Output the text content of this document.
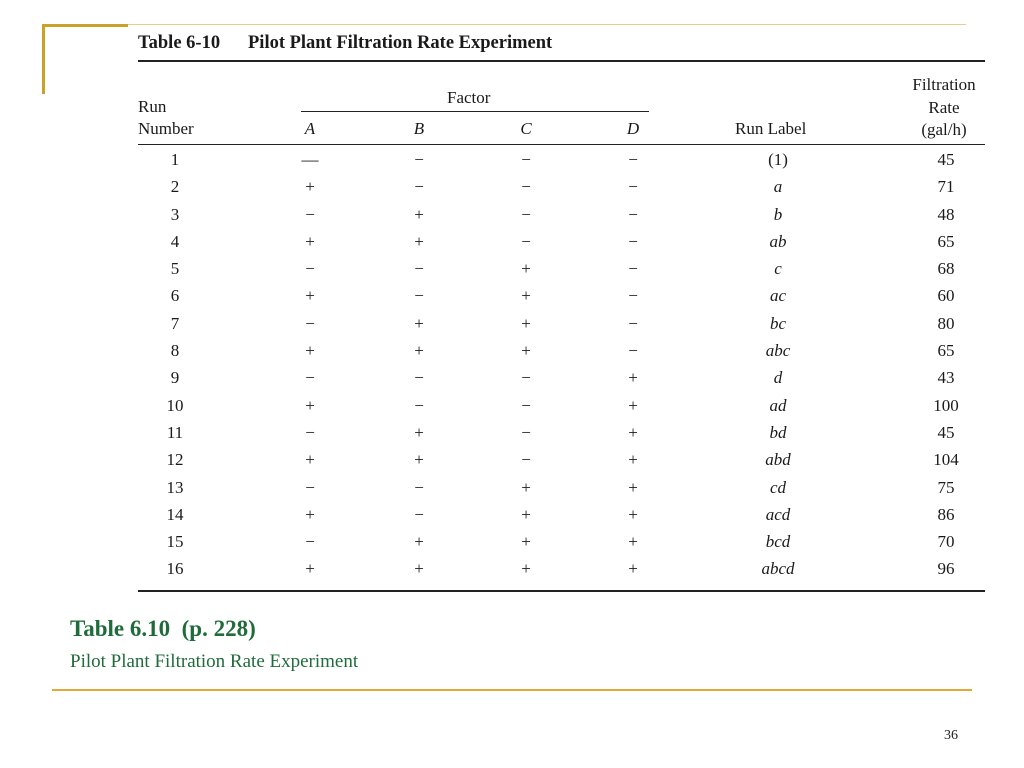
Table 6-10 Pilot Plant Filtration Rate Experiment
Run
Number
Factor
A	B	C	D	Run Label
Filtration
Rate
(gal/h)
1	—	−	−	−	(1)	45
2	+	−	−	−	a	71
3	−	+	−	−	b	48
4	+	+	−	−	ab	65
5	−	−	+	−	c	68
6	+	−	+	−	ac	60
7	−	+	+	−	bc	80
8	+	+	+	−	abc	65
9	−	−	−	+	d	43
10	+	−	−	+	ad	100
11	−	+	−	+	bd	45
12	+	+	−	+	abd	104
13	−	−	+	+	cd	75
14	+	−	+	+	acd	86
15	−	+	+	+	bcd	70
16	+	+	+	+	abcd	96
Table 6.10  (p. 228)
Pilot Plant Filtration Rate Experiment
36
